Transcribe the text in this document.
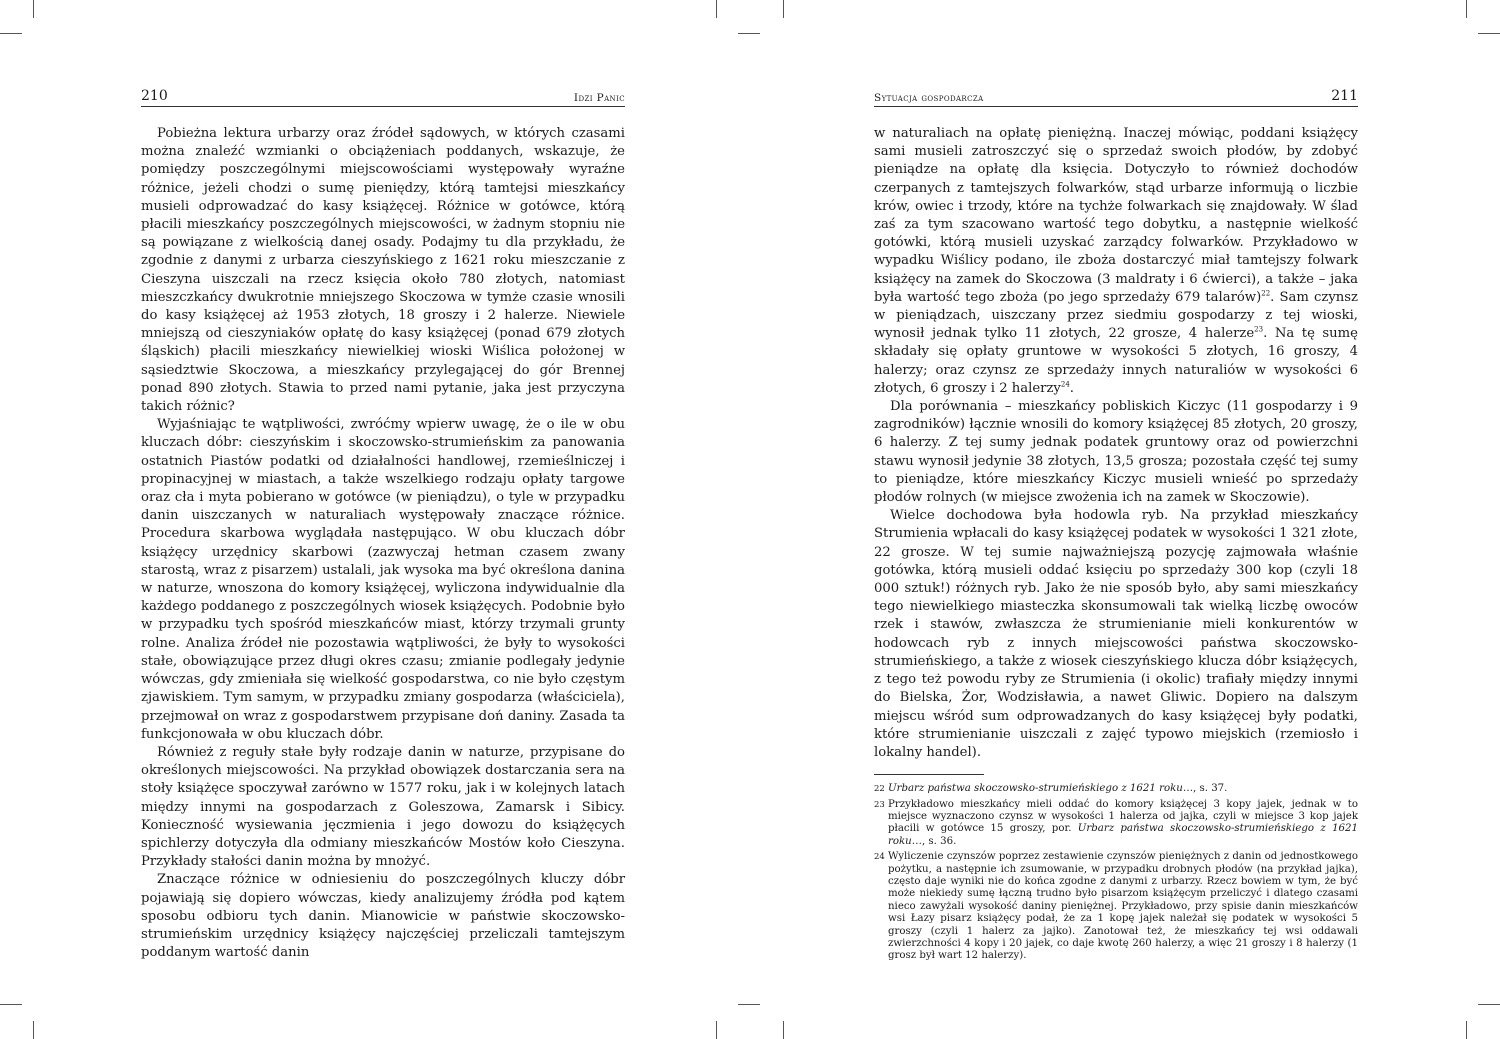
210	Idzi Panic

Pobieżna lektura urbarzy oraz źródeł sądowych, w których czasami można znaleźć wzmianki o obciążeniach poddanych, wskazuje, że pomiędzy poszczególnymi miejscowościami występowały wyraźne różnice, jeżeli chodzi o sumę pieniędzy, którą tamtejsi mieszkańcy musieli odprowadzać do kasy książęcej. Różnice w gotówce, którą płacili mieszkańcy poszczególnych miejscowości, w żadnym stopniu nie są powiązane z wielkością danej osady. Podajmy tu dla przykładu, że zgodnie z danymi z urbarza cieszyńskiego z 1621 roku mieszczanie z Cieszyna uiszczali na rzecz księcia około 780 złotych, natomiast mieszczkańcy dwukrotnie mniejszego Skoczowa w tymże czasie wnosili do kasy książęcej aż 1953 złotych, 18 groszy i 2 halerze. Niewiele mniejszą od cieszyniaków opłatę do kasy książęcej (ponad 679 złotych śląskich) płacili mieszkańcy niewielkiej wioski Wiślica położonej w sąsiedztwie Skoczowa, a mieszkańcy przylegającej do gór Brennej ponad 890 złotych. Stawia to przed nami pytanie, jaka jest przyczyna takich różnic?

Wyjaśniając te wątpliwości, zwróćmy wpierw uwagę, że o ile w obu kluczach dóbr: cieszyńskim i skoczowsko-strumieńskim za panowania ostatnich Piastów podatki od działalności handlowej, rzemieślniczej i propinacyjnej w miastach, a także wszelkiego rodzaju opłaty targowe oraz cła i myta pobierano w gotówce (w pieniądzu), o tyle w przypadku danin uiszczanych w naturaliach występowały znaczące różnice. Procedura skarbowa wyglądała następująco. W obu kluczach dóbr książęcy urzędnicy skarbowi (zazwyczaj hetman czasem zwany starostą, wraz z pisarzem) ustalali, jak wysoka ma być określona danina w naturze, wnoszona do komory książęcej, wyliczona indywidualnie dla każdego poddanego z poszczególnych wiosek książęcych. Podobnie było w przypadku tych spośród mieszkańców miast, którzy trzymali grunty rolne. Analiza źródeł nie pozostawia wątpliwości, że były to wysokości stałe, obowiązujące przez długi okres czasu; zmianie podlegały jedynie wówczas, gdy zmieniała się wielkość gospodarstwa, co nie było częstym zjawiskiem. Tym samym, w przypadku zmiany gospodarza (właściciela), przejmował on wraz z gospodarstwem przypisane doń daniny. Zasada ta funkcjonowała w obu kluczach dóbr.

Również z reguły stałe były rodzaje danin w naturze, przypisane do określonych miejscowości. Na przykład obowiązek dostarczania sera na stoły książęce spoczywał zarówno w 1577 roku, jak i w kolejnych latach między innymi na gospodarzach z Goleszowa, Zamarsk i Sibicy. Konieczność wysiewania jęczmienia i jego dowozu do książęcych spichlerzy dotyczyła dla odmiany mieszkańców Mostów koło Cieszyna. Przykłady stałości danin można by mnożyć.

Znaczące różnice w odniesieniu do poszczególnych kluczy dóbr pojawiają się dopiero wówczas, kiedy analizujemy źródła pod kątem sposobu odbioru tych danin. Mianowicie w państwie skoczowsko-strumieńskim urzędnicy książęcy najczęściej przeliczali tamtejszym poddanym wartość danin

Sytuacja gospodarcza	211

w naturaliach na opłatę pieniężną. Inaczej mówiąc, poddani książęcy sami musieli zatroszczyć się o sprzedaż swoich płodów, by zdobyć pieniądze na opłatę dla księcia. Dotyczyło to również dochodów czerpanych z tamtejszych folwarków, stąd urbarze informują o liczbie krów, owiec i trzody, które na tychże folwarkach się znajdowały. W ślad zaś za tym szacowano wartość tego dobytku, a następnie wielkość gotówki, którą musieli uzyskać zarządcy folwarków. Przykładowo w wypadku Wiślicy podano, ile zboża dostarczyć miał tamtejszy folwark książęcy na zamek do Skoczowa (3 maldraty i 6 ćwierci), a także – jaka była wartość tego zboża (po jego sprzedaży 679 talarów)$^{22}$. Sam czynsz w pieniądzach, uiszczany przez siedmiu gospodarzy z tej wioski, wynosił jednak tylko 11 złotych, 22 grosze, 4 halerze$^{23}$. Na tę sumę składały się opłaty gruntowe w wysokości 5 złotych, 16 groszy, 4 halerzy; oraz czynsz ze sprzedaży innych naturaliów w wysokości 6 złotych, 6 groszy i 2 halerzy$^{24}$.

Dla porównania – mieszkańcy pobliskich Kiczyc (11 gospodarzy i 9 zagrodników) łącznie wnosili do komory książęcej 85 złotych, 20 groszy, 6 halerzy. Z tej sumy jednak podatek gruntowy oraz od powierzchni stawu wynosił jedynie 38 złotych, 13,5 grosza; pozostała część tej sumy to pieniądze, które mieszkańcy Kiczyc musieli wnieść po sprzedaży płodów rolnych (w miejsce zwożenia ich na zamek w Skoczowie).

Wielce dochodowa była hodowla ryb. Na przykład mieszkańcy Strumienia wpłacali do kasy książęcej podatek w wysokości 1 321 złote, 22 grosze. W tej sumie najważniejszą pozycję zajmowała właśnie gotówka, którą musieli oddać księciu po sprzedaży 300 kop (czyli 18 000 sztuk!) różnych ryb. Jako że nie sposób było, aby sami mieszkańcy tego niewielkiego miasteczka skonsumowali tak wielką liczbę owoców rzek i stawów, zwłaszcza że strumienianie mieli konkurentów w hodowcach ryb z innych miejscowości państwa skoczowsko-strumieńskiego, a także z wiosek cieszyńskiego klucza dóbr książęcych, z tego też powodu ryby ze Strumienia (i okolic) trafiały między innymi do Bielska, Żor, Wodzisławia, a nawet Gliwic. Dopiero na dalszym miejscu wśród sum odprowadzanych do kasy książęcej były podatki, które strumienianie uiszczali z zajęć typowo miejskich (rzemiosło i lokalny handel).

22 Urbarz państwa skoczowsko-strumieńskiego z 1621 roku…, s. 37.
23 Przykładowo mieszkańcy mieli oddać do komory książęcej 3 kopy jajek, jednak w to miejsce wyznaczono czynsz w wysokości 1 halerza od jajka, czyli w miejsce 3 kop jajek płacili w gotówce 15 groszy, por. Urbarz państwa skoczowsko-strumieńskiego z 1621 roku…, s. 36.
24 Wyliczenie czynszów poprzez zestawienie czynszów pieniężnych z danin od jednostkowego pożytku, a następnie ich zsumowanie, w przypadku drobnych płodów (na przykład jajka), często daje wyniki nie do końca zgodne z danymi z urbarzy. Rzecz bowiem w tym, że być może niekiedy sumę łączną trudno było pisarzom książęcym przeliczyć i dlatego czasami nieco zawyżali wysokość daniny pieniężnej. Przykładowo, przy spisie danin mieszkańców wsi Łazy pisarz książęcy podał, że za 1 kopę jajek należał się podatek w wysokości 5 groszy (czyli 1 halerz za jajko). Zanotował też, że mieszkańcy tej wsi oddawali zwierzchności 4 kopy i 20 jajek, co daje kwotę 260 halerzy, a więc 21 groszy i 8 halerzy (1 grosz był wart 12 halerzy).
